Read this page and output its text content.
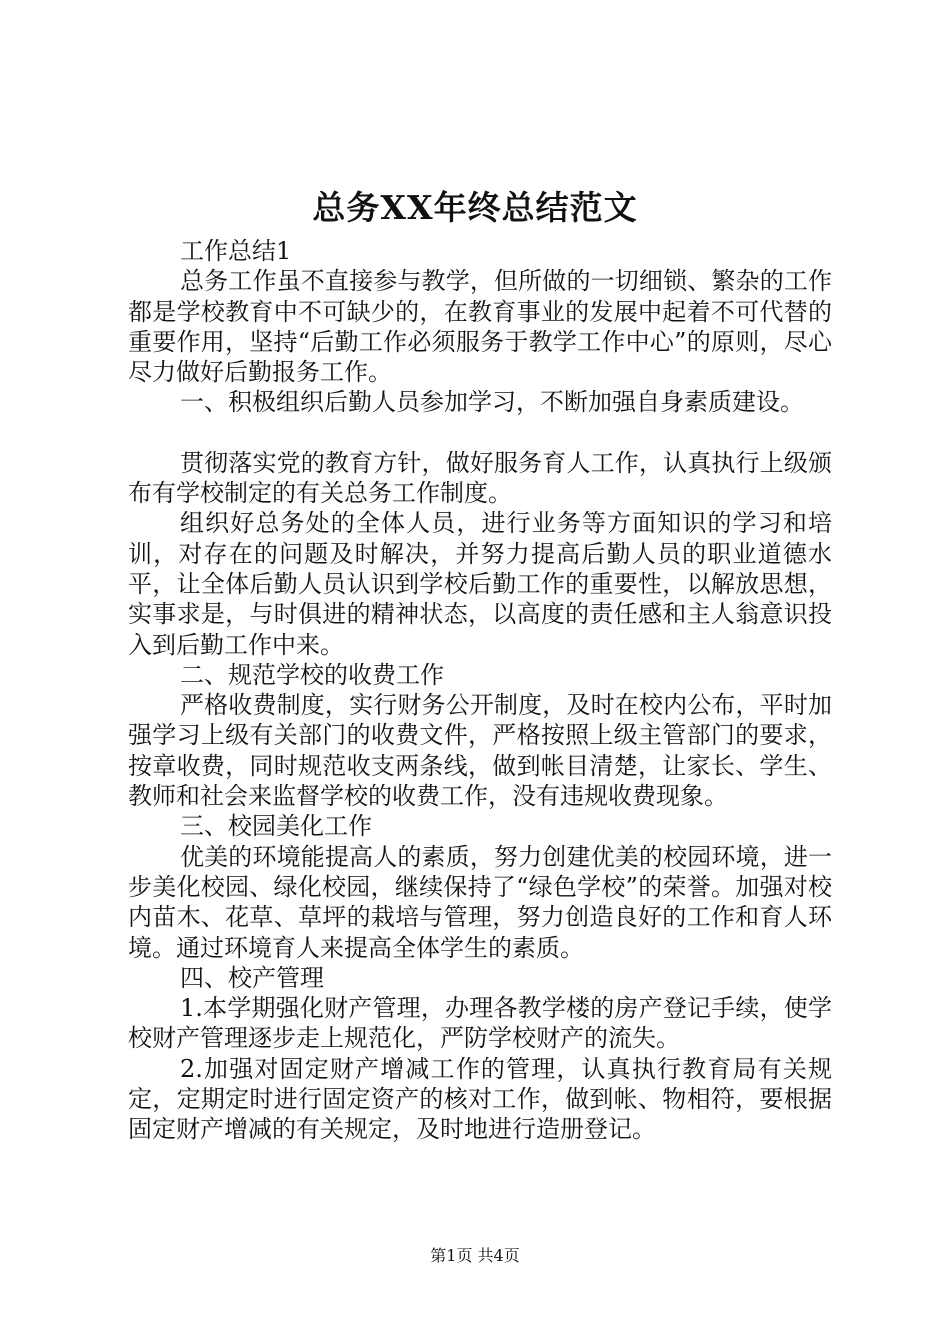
总务XX年终总结范文

工作总结1

总务工作虽不直接参与教学，但所做的一切细锁、繁杂的工作都是学校教育中不可缺少的，在教育事业的发展中起着不可代替的重要作用，坚持“后勤工作必须服务于教学工作中心”的原则，尽心尽力做好后勤报务工作。

一、积极组织后勤人员参加学习，不断加强自身素质建设。

贯彻落实党的教育方针，做好服务育人工作，认真执行上级颁布有学校制定的有关总务工作制度。

组织好总务处的全体人员，进行业务等方面知识的学习和培训，对存在的问题及时解决，并努力提高后勤人员的职业道德水平，让全体后勤人员认识到学校后勤工作的重要性，以解放思想，实事求是，与时俱进的精神状态，以高度的责任感和主人翁意识投入到后勤工作中来。

二、规范学校的收费工作

严格收费制度，实行财务公开制度，及时在校内公布，平时加强学习上级有关部门的收费文件，严格按照上级主管部门的要求，按章收费，同时规范收支两条线，做到帐目清楚，让家长、学生、教师和社会来监督学校的收费工作，没有违规收费现象。

三、校园美化工作

优美的环境能提高人的素质，努力创建优美的校园环境，进一步美化校园、绿化校园，继续保持了“绿色学校”的荣誉。加强对校内苗木、花草、草坪的栽培与管理，努力创造良好的工作和育人环境。通过环境育人来提高全体学生的素质。

四、校产管理

1.本学期强化财产管理，办理各教学楼的房产登记手续，使学校财产管理逐步走上规范化，严防学校财产的流失。

2.加强对固定财产增减工作的管理，认真执行教育局有关规定，定期定时进行固定资产的核对工作，做到帐、物相符，要根据固定财产增减的有关规定，及时地进行造册登记。

第1页 共4页
